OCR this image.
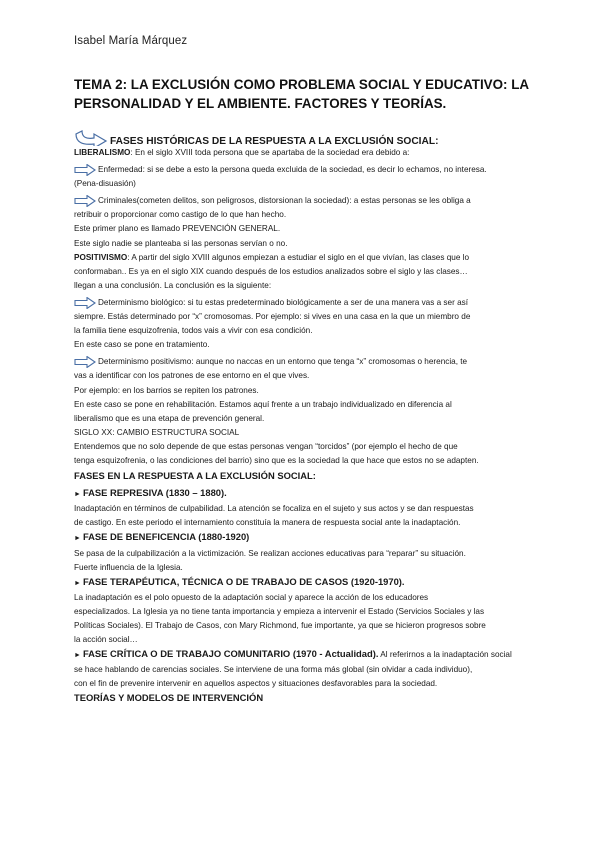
Isabel María Márquez
TEMA 2: LA EXCLUSIÓN COMO PROBLEMA SOCIAL Y EDUCATIVO: LA PERSONALIDAD Y EL AMBIENTE. FACTORES Y TEORÍAS.
FASES HISTÓRICAS DE LA RESPUESTA A LA EXCLUSIÓN SOCIAL:
LIBERALISMO: En el siglo XVIII toda persona que se apartaba de la sociedad era debido a:
Enfermedad: si se debe a esto la persona queda excluida de la sociedad, es decir lo echamos, no interesa.
(Pena-disuasión)
Criminales(cometen delitos, son peligrosos, distorsionan la sociedad): a estas personas se les obliga a
retribuir o proporcionar como castigo de lo que han hecho.
Este primer plano es llamado PREVENCIÓN GENERAL.
Este siglo nadie se planteaba si las personas servían o no.
POSITIVISMO: A partir del siglo XVIII algunos empiezan a estudiar el siglo en el que vivían, las clases que lo
conformaban.. Es ya en el siglo XIX cuando después de los estudios analizados sobre el siglo y las clases…
llegan a una conclusión. La conclusión es la siguiente:
Determinismo biológico: si tu estas predeterminado biológicamente a ser de una manera vas a ser así
siempre. Estás determinado por “x” cromosomas. Por ejemplo: si vives en una casa en la que un miembro de
la familia tiene esquizofrenia, todos vais a vivir con esa condición.
En este caso se pone en tratamiento.
Determinismo positivismo: aunque no naccas en un entorno que tenga “x” cromosomas o herencia, te
vas a identificar con los patrones de ese entorno en el que vives.
Por ejemplo: en los barrios se repiten los patrones.
En este caso se pone en rehabilitación. Estamos aquí frente a un trabajo individualizado en diferencia al
liberalismo que es una etapa de prevención general.
SIGLO XX: CAMBIO ESTRUCTURA SOCIAL
Entendemos que no solo depende de que estas personas vengan “torcidos” (por ejemplo el hecho de que
tenga esquizofrenia, o las condiciones del barrio) sino que es la sociedad la que hace que estos no se adapten.
FASES EN LA RESPUESTA A LA EXCLUSIÓN SOCIAL:
► FASE REPRESIVA (1830 – 1880).
Inadaptación en términos de culpabilidad. La atención se focaliza en el sujeto y sus actos y se dan respuestas
de castigo. En este periodo el internamiento constituía la manera de respuesta social ante la inadaptación.
► FASE DE BENEFICENCIA (1880-1920)
Se pasa de la culpabilización a la victimización. Se realizan acciones educativas para “reparar” su situación.
Fuerte influencia de la Iglesia.
► FASE TERAPÉUTICA, TÉCNICA O DE TRABAJO DE CASOS (1920-1970).
La inadaptación es el polo opuesto de la adaptación social y aparece la acción de los educadores
especializados. La Iglesia ya no tiene tanta importancia y empieza a intervenir el Estado (Servicios Sociales y las
Políticas Sociales). El Trabajo de Casos, con Mary Richmond, fue importante, ya que se hicieron progresos sobre
la acción social…
► FASE CRÍTICA O DE TRABAJO COMUNITARIO (1970 - Actualidad). Al referirnos a la inadaptación social
se hace hablando de carencias sociales. Se interviene de una forma más global (sin olvidar a cada individuo),
con el fin de prevenire intervenir en aquellos aspectos y situaciones desfavorables para la sociedad.
TEORÍAS Y MODELOS DE INTERVENCIÓN
